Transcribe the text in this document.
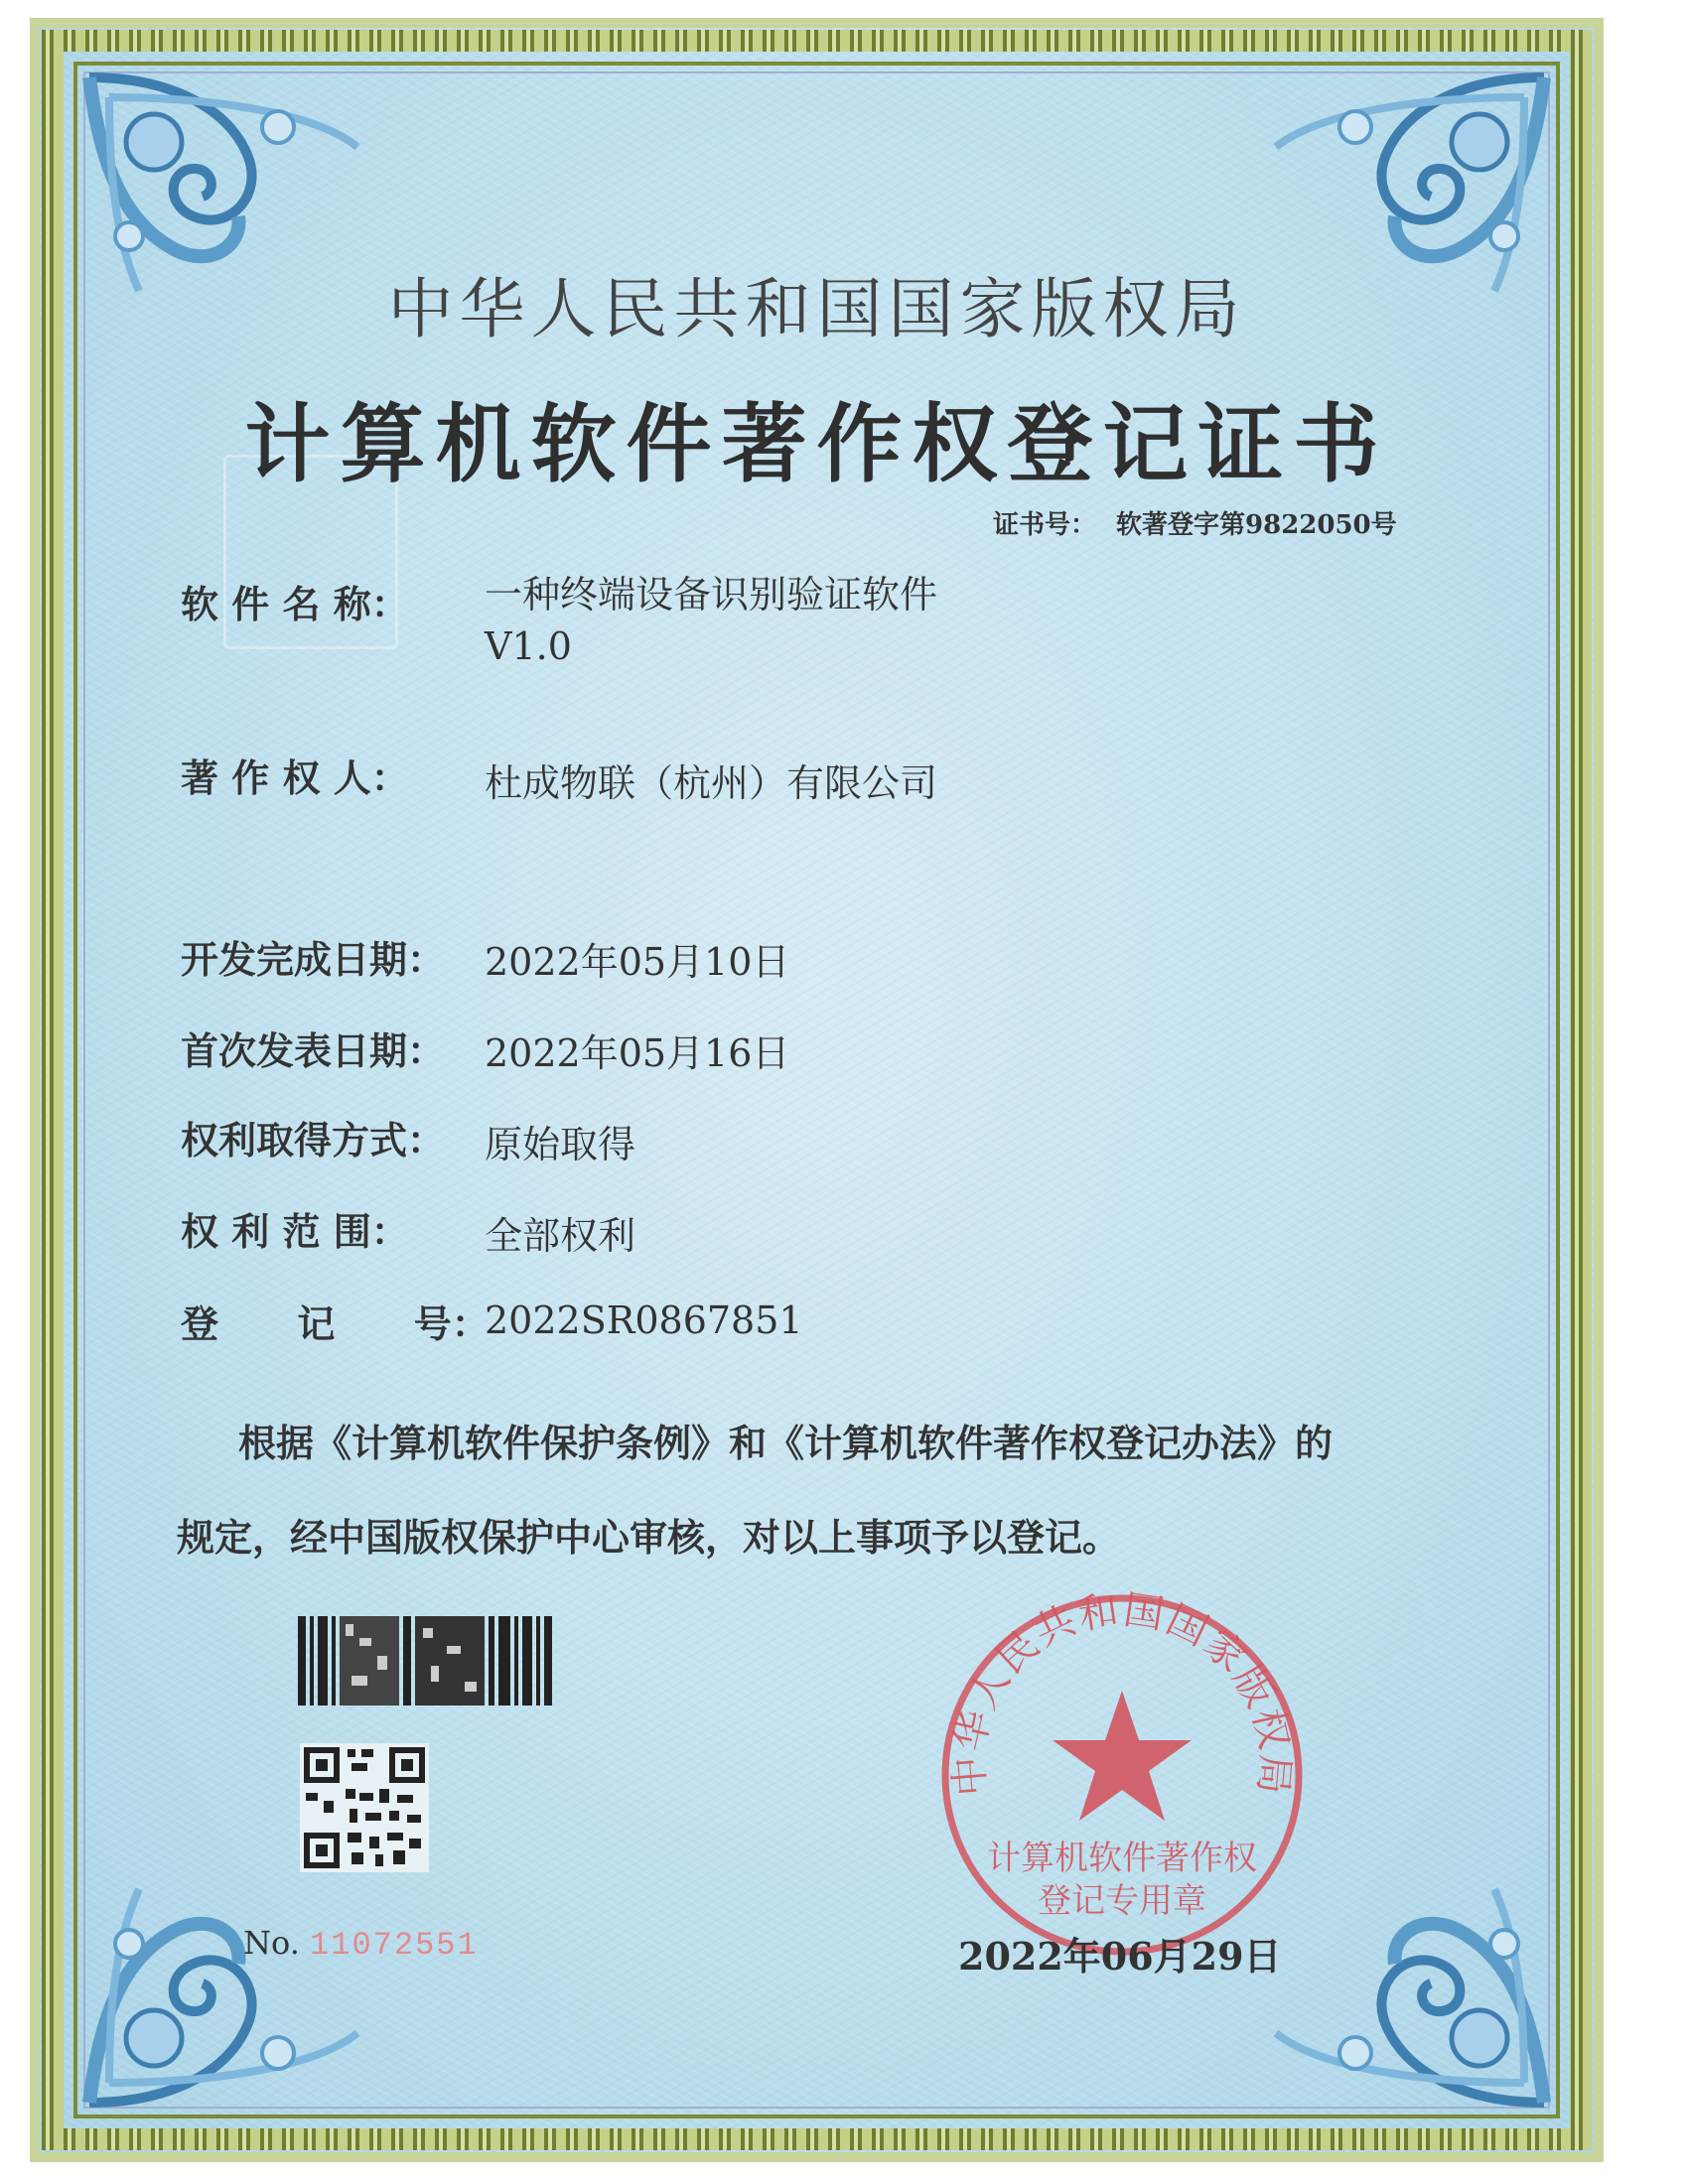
中华人民共和国国家版权局
计算机软件著作权登记证书
证书号： 软著登字第9822050号
软 件 名 称： 一种终端设备识别验证软件
V1.0
著 作 权 人： 杜成物联（杭州）有限公司
开发完成日期： 2022年05月10日
首次发表日期： 2022年05月16日
权利取得方式： 原始取得
权 利 范 围： 全部权利
登      记      号：
2022SR0867851
根据《计算机软件保护条例》和《计算机软件著作权登记办法》的
规定，经中国版权保护中心审核，对以上事项予以登记。
No. 11072551
中华人民共和国国家版权局
计算机软件著作权
登记专用章
2022年06月29日
